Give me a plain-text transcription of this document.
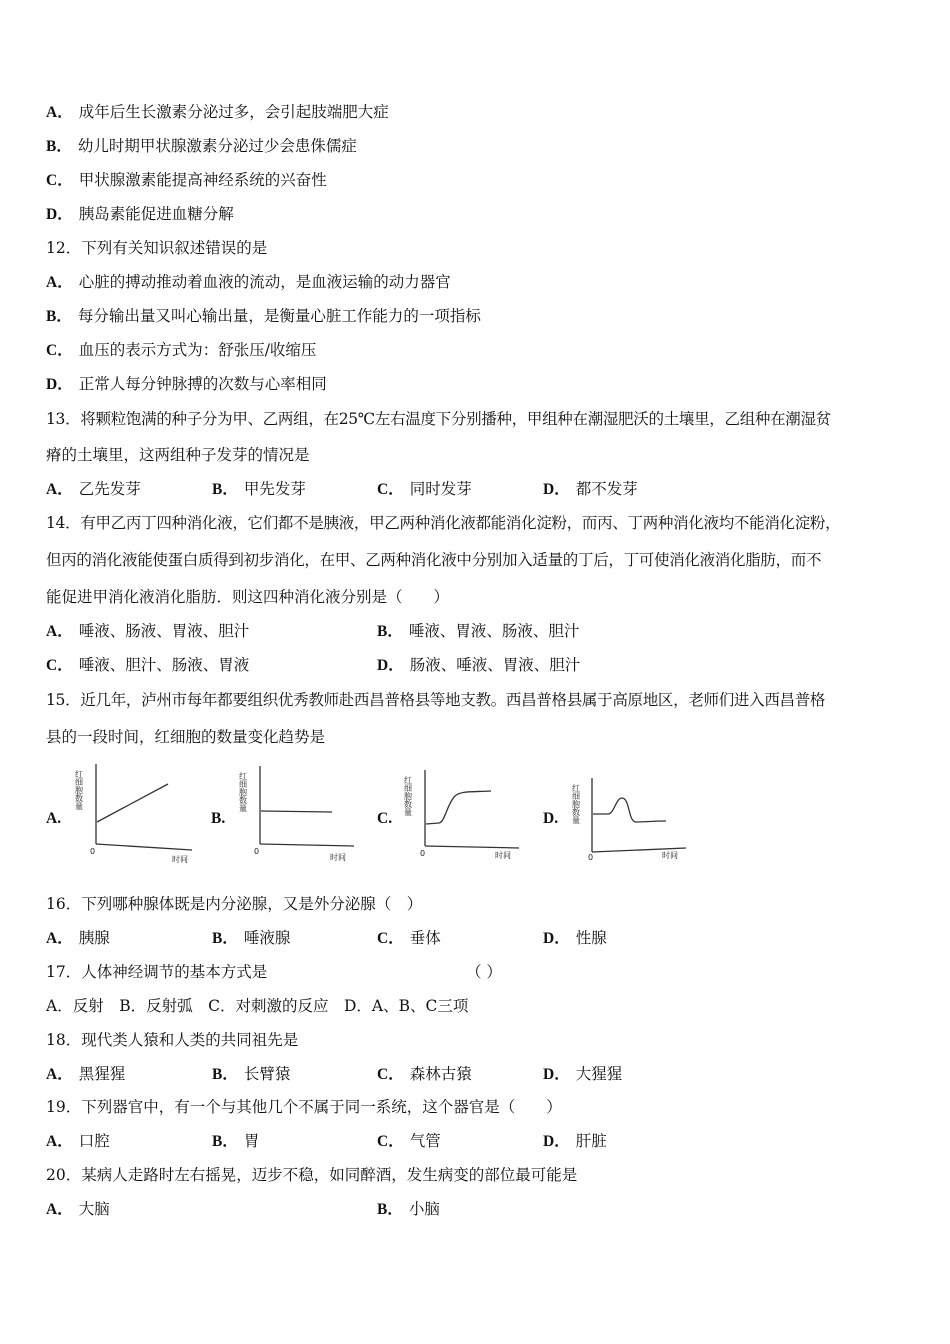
A． 成年后生长激素分泌过多，会引起肢端肥大症
B． 幼儿时期甲状腺激素分泌过少会患侏儒症
C． 甲状腺激素能提高神经系统的兴奋性
D． 胰岛素能促进血糖分解
12．下列有关知识叙述错误的是
A． 心脏的搏动推动着血液的流动，是血液运输的动力器官
B． 每分输出量又叫心输出量，是衡量心脏工作能力的一项指标
C． 血压的表示方式为：舒张压/收缩压
D． 正常人每分钟脉搏的次数与心率相同
13．将颗粒饱满的种子分为甲、乙两组，在25℃左右温度下分别播种，甲组种在潮湿肥沃的土壤里，乙组种在潮湿贫
瘠的土壤里，这两组种子发芽的情况是
A． 乙先发芽	B． 甲先发芽	C． 同时发芽	D． 都不发芽
14．有甲乙丙丁四种消化液，它们都不是胰液，甲乙两种消化液都能消化淀粉，而丙、丁两种消化液均不能消化淀粉，
但丙的消化液能使蛋白质得到初步消化，在甲、乙两种消化液中分别加入适量的丁后，丁可使消化液消化脂肪，而不
能促进甲消化液消化脂肪．则这四种消化液分别是（　　）
A． 唾液、肠液、胃液、胆汁	B． 唾液、胃液、肠液、胆汁
C． 唾液、胆汁、肠液、胃液	D． 肠液、唾液、胃液、胆汁
15．近几年，泸州市每年都要组织优秀教师赴西昌普格县等地支教。西昌普格县属于高原地区，老师们进入西昌普格
县的一段时间，红细胞的数量变化趋势是
A.
红细胞数量
0
时间
B.
红细胞数量
0
时间
C.
红细胞数量
0	时间
D. 红细胞数量
0	时间
16．下列哪种腺体既是内分泌腺，又是外分泌腺（　）
A． 胰腺	B． 唾液腺	C． 垂体	D． 性腺
17．人体神经调节的基本方式是	（ ）
A．反射　B．反射弧　C．对刺激的反应　D．A、B、C三项
18．现代类人猿和人类的共同祖先是
A． 黑猩猩	B． 长臂猿	C． 森林古猿	D． 大猩猩
19．下列器官中，有一个与其他几个不属于同一系统，这个器官是（　　）
A． 口腔	B． 胃	C． 气管	D． 肝脏
20．某病人走路时左右摇晃，迈步不稳，如同醉酒，发生病变的部位最可能是
A． 大脑	B． 小脑
